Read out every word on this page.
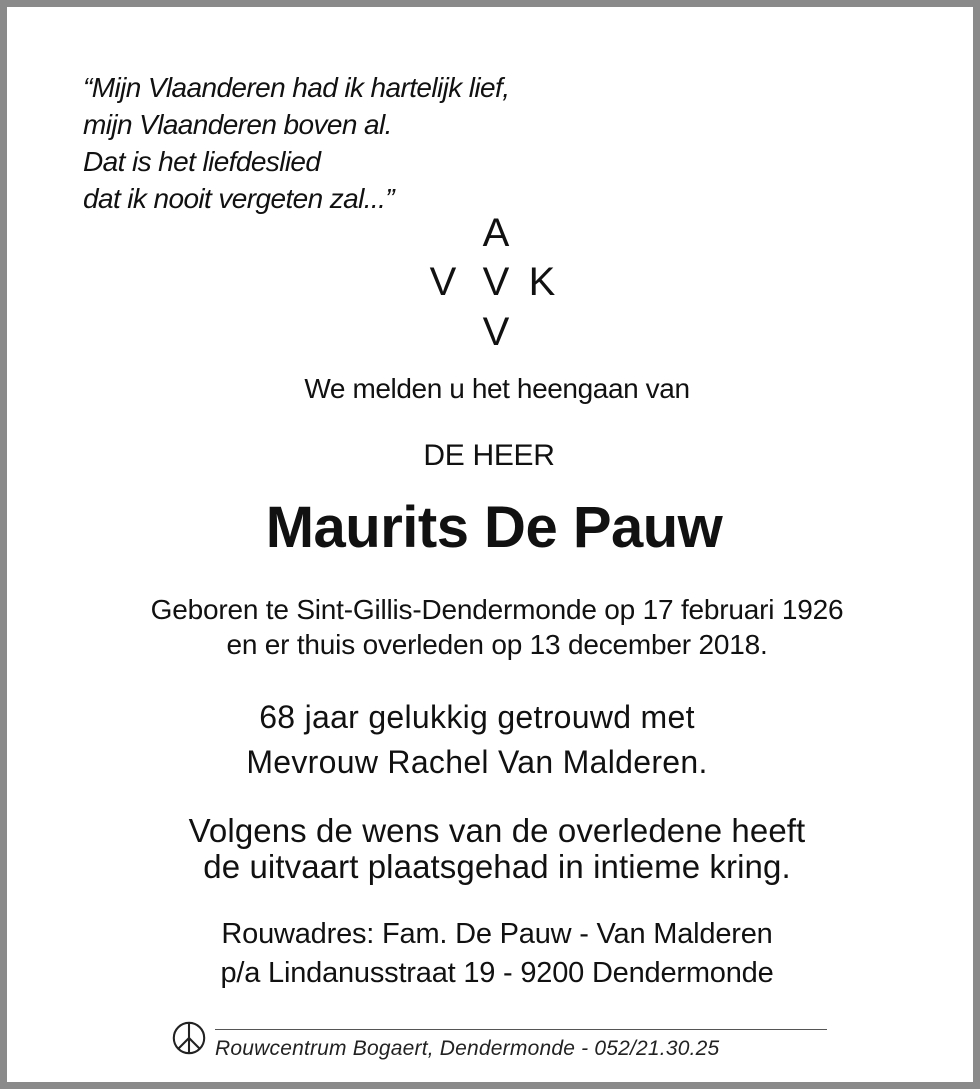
“Mijn Vlaanderen had ik hartelijk lief,
mijn Vlaanderen boven al.
Dat is het liefdeslied
dat ik nooit vergeten zal...”
A
V V K
V
We melden u het heengaan van
DE HEER
Maurits De Pauw
Geboren te Sint-Gillis-Dendermonde op 17 februari 1926
en er thuis overleden op 13 december 2018.
68 jaar gelukkig getrouwd met
Mevrouw Rachel Van Malderen.
Volgens de wens van de overledene heeft
de uitvaart plaatsgehad in intieme kring.
Rouwadres: Fam. De Pauw - Van Malderen
p/a Lindanusstraat 19 - 9200 Dendermonde
Rouwcentrum Bogaert, Dendermonde - 052/21.30.25
